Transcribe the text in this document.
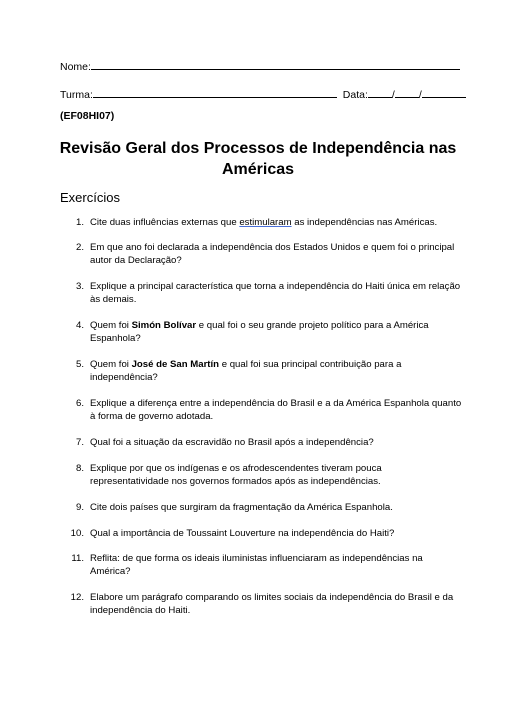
Nome:
Turma:	Data: / /
(EF08HI07)
Revisão Geral dos Processos de Independência nas Américas
Exercícios
1. Cite duas influências externas que estimularam as independências nas Américas.
2. Em que ano foi declarada a independência dos Estados Unidos e quem foi o principal autor da Declaração?
3. Explique a principal característica que torna a independência do Haiti única em relação às demais.
4. Quem foi Simón Bolívar e qual foi o seu grande projeto político para a América Espanhola?
5. Quem foi José de San Martín e qual foi sua principal contribuição para a independência?
6. Explique a diferença entre a independência do Brasil e a da América Espanhola quanto à forma de governo adotada.
7. Qual foi a situação da escravidão no Brasil após a independência?
8. Explique por que os indígenas e os afrodescendentes tiveram pouca representatividade nos governos formados após as independências.
9. Cite dois países que surgiram da fragmentação da América Espanhola.
10. Qual a importância de Toussaint Louverture na independência do Haiti?
11. Reflita: de que forma os ideais iluministas influenciaram as independências na América?
12. Elabore um parágrafo comparando os limites sociais da independência do Brasil e da independência do Haiti.
